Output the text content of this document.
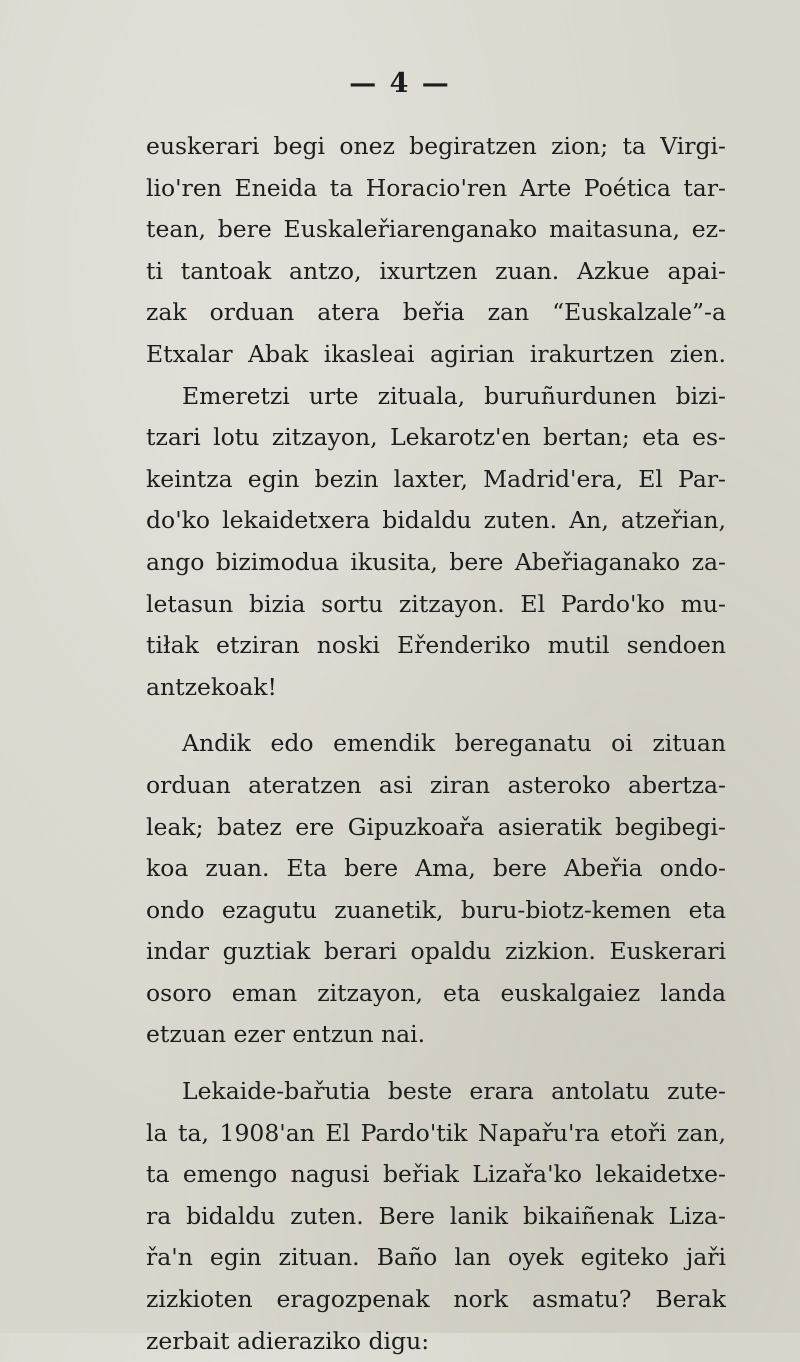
— 4 —
euskerari begi onez begiratzen zion; ta Virgi-
lio'ren Eneida ta Horacio'ren Arte Poética tar-
tean, bere Euskaleřiarenganako maitasuna, ez-
ti tantoak antzo, ixurtzen zuan. Azkue apai-
zak orduan atera beřia zan “Euskalzale”-a
Etxalar Abak ikasleai agirian irakurtzen zien.
Emeretzi urte zituala, buruñurdunen bizi-
tzari lotu zitzayon, Lekarotz'en bertan; eta es-
keintza egin bezin laxter, Madrid'era, El Par-
do'ko lekaidetxera bidaldu zuten. An, atzeřian,
ango bizimodua ikusita, bere Abeřiaganako za-
letasun bizia sortu zitzayon. El Pardo'ko mu-
tiłak etziran noski Eřenderiko mutil sendoen
antzekoak!
Andik edo emendik bereganatu oi zituan
orduan ateratzen asi ziran asteroko abertza-
leak; batez ere Gipuzkoařa asieratik begibegi-
koa zuan. Eta bere Ama, bere Abeřia ondo-
ondo ezagutu zuanetik, buru-biotz-kemen eta
indar guztiak berari opaldu zizkion. Euskerari
osoro eman zitzayon, eta euskalgaiez landa
etzuan ezer entzun nai.
Lekaide-bařutia beste erara antolatu zute-
la ta, 1908'an El Pardo'tik Napařu'ra etoři zan,
ta emengo nagusi beřiak Lizařa'ko lekaidetxe-
ra bidaldu zuten. Bere lanik bikaiñenak Liza-
řa'n egin zituan. Baño lan oyek egiteko jaři
zizkioten eragozpenak nork asmatu? Berak
zerbait adieraziko digu:
